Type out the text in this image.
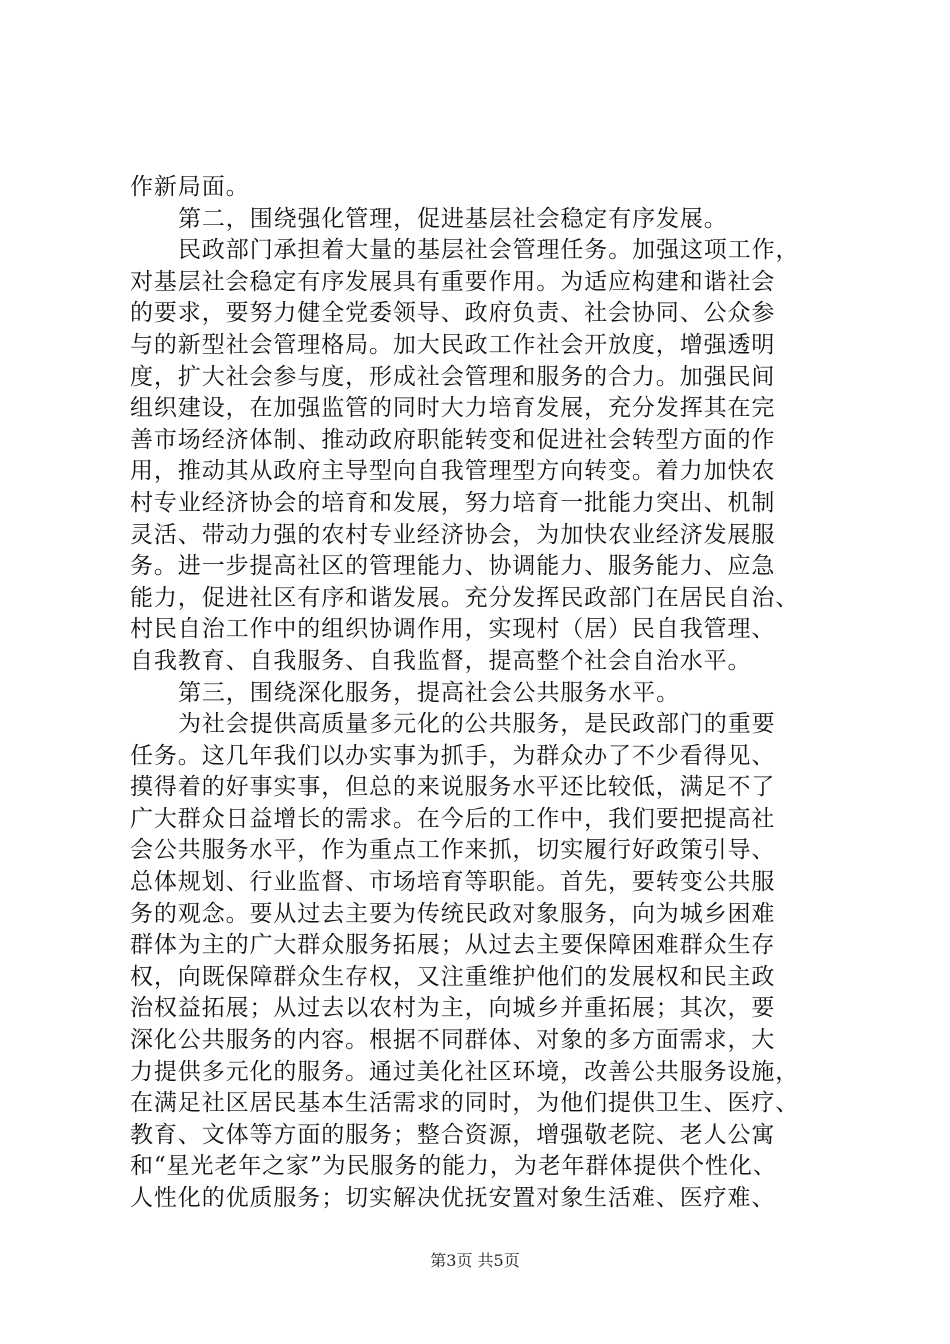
作新局面。
第二，围绕强化管理，促进基层社会稳定有序发展。
民政部门承担着大量的基层社会管理任务。加强这项工作，
对基层社会稳定有序发展具有重要作用。为适应构建和谐社会
的要求，要努力健全党委领导、政府负责、社会协同、公众参
与的新型社会管理格局。加大民政工作社会开放度，增强透明
度，扩大社会参与度，形成社会管理和服务的合力。加强民间
组织建设，在加强监管的同时大力培育发展，充分发挥其在完
善市场经济体制、推动政府职能转变和促进社会转型方面的作
用，推动其从政府主导型向自我管理型方向转变。着力加快农
村专业经济协会的培育和发展，努力培育一批能力突出、机制
灵活、带动力强的农村专业经济协会，为加快农业经济发展服
务。进一步提高社区的管理能力、协调能力、服务能力、应急
能力，促进社区有序和谐发展。充分发挥民政部门在居民自治、
村民自治工作中的组织协调作用，实现村（居）民自我管理、
自我教育、自我服务、自我监督，提高整个社会自治水平。
第三，围绕深化服务，提高社会公共服务水平。
为社会提供高质量多元化的公共服务，是民政部门的重要
任务。这几年我们以办实事为抓手，为群众办了不少看得见、
摸得着的好事实事，但总的来说服务水平还比较低，满足不了
广大群众日益增长的需求。在今后的工作中，我们要把提高社
会公共服务水平，作为重点工作来抓，切实履行好政策引导、
总体规划、行业监督、市场培育等职能。首先，要转变公共服
务的观念。要从过去主要为传统民政对象服务，向为城乡困难
群体为主的广大群众服务拓展；从过去主要保障困难群众生存
权，向既保障群众生存权，又注重维护他们的发展权和民主政
治权益拓展；从过去以农村为主，向城乡并重拓展；其次，要
深化公共服务的内容。根据不同群体、对象的多方面需求，大
力提供多元化的服务。通过美化社区环境，改善公共服务设施，
在满足社区居民基本生活需求的同时，为他们提供卫生、医疗、
教育、文体等方面的服务；整合资源，增强敬老院、老人公寓
和“星光老年之家”为民服务的能力，为老年群体提供个性化、
人性化的优质服务；切实解决优抚安置对象生活难、医疗难、
第3页 共5页
